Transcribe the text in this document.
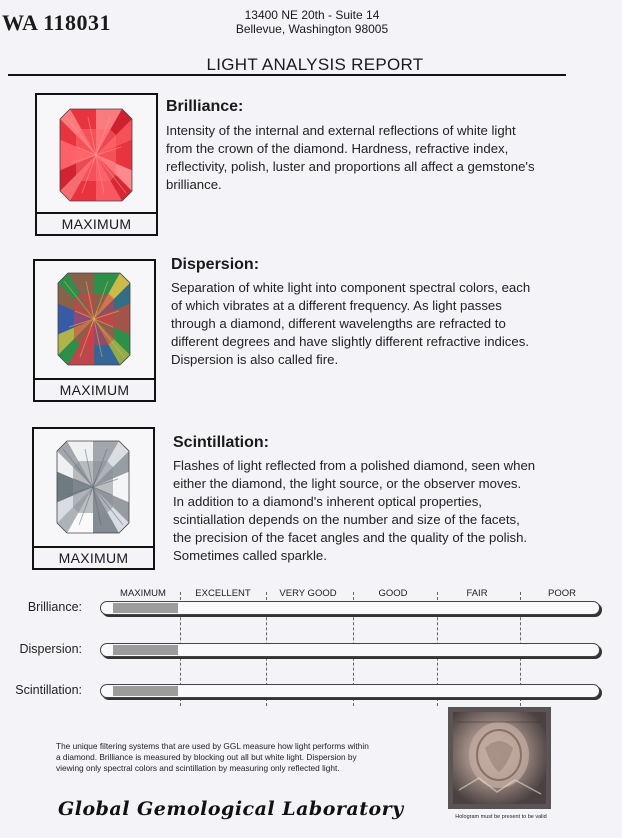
WA 118031	13400 NE 20th - Suite 14
Bellevue, Washington 98005
LIGHT ANALYSIS REPORT
MAXIMUM
Brilliance:
Intensity of the internal and external reflections of white light
from the crown of the diamond. Hardness, refractive index,
reflectivity, polish, luster and proportions all affect a gemstone's
brilliance.
MAXIMUM
Dispersion:
Separation of white light into component spectral colors, each
of which vibrates at a different frequency. As light passes
through a diamond, different wavelengths are refracted to
different degrees and have slightly different refractive indices.
Dispersion is also called fire.
MAXIMUM
Scintillation:
Flashes of light reflected from a polished diamond, seen when
either the diamond, the light source, or the observer moves.
In addition to a diamond's inherent optical properties,
scintiallation depends on the number and size of the facets,
the precision of the facet angles and the quality of the polish.
Sometimes called sparkle.
MAXIMUM	EXCELLENT	VERY GOOD	GOOD	FAIR	POOR
Brilliance:
Dispersion:
Scintillation:
The unique filtering systems that are used by GGL measure how light performs within
a diamond. Brilliance is measured by blocking out all but white light. Dispersion by
viewing only spectral colors and scintillation by measuring only reflected light.
Global Gemological Laboratory	Hologram must be present to be valid
